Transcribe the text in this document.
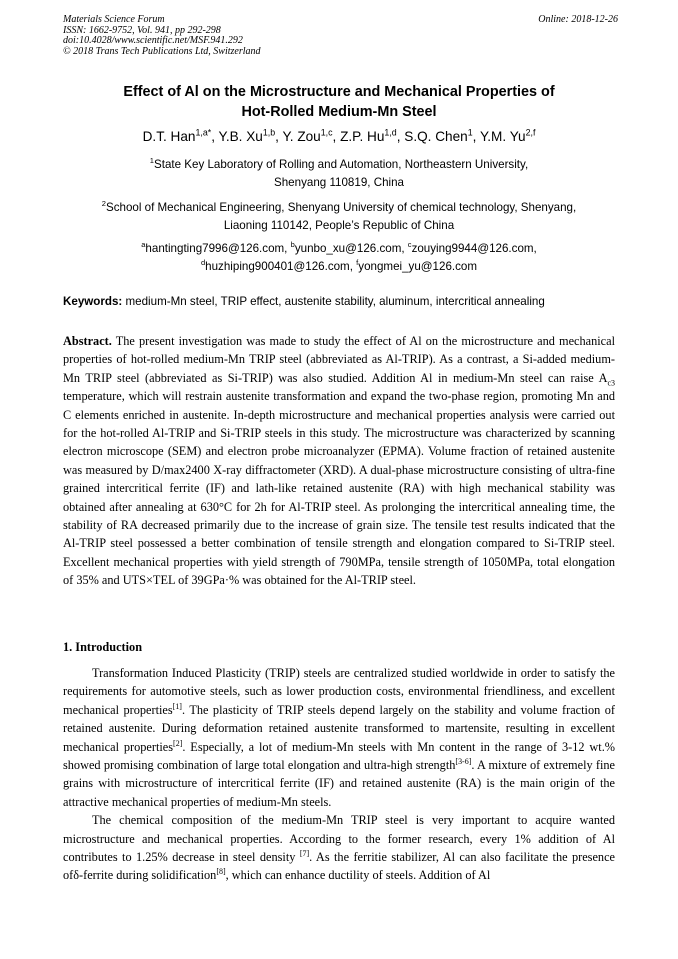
Materials Science Forum
ISSN: 1662-9752, Vol. 941, pp 292-298
doi:10.4028/www.scientific.net/MSF.941.292
© 2018 Trans Tech Publications Ltd, Switzerland
Online: 2018-12-26
Effect of Al on the Microstructure and Mechanical Properties of
Hot-Rolled Medium-Mn Steel
D.T. Han$^{1,a*}$, Y.B. Xu$^{1,b}$, Y. Zou$^{1,c}$, Z.P. Hu$^{1,d}$, S.Q. Chen$^1$, Y.M. Yu$^{2,f}$
$^1$State Key Laboratory of Rolling and Automation, Northeastern University,
Shenyang 110819, China
$^2$School of Mechanical Engineering, Shenyang University of chemical technology, Shenyang,
Liaoning 110142, People’s Republic of China
$^a$hantingting7996@126.com, $^b$yunbo_xu@126.com, $^c$zouying9944@126.com,
$^d$huzhiping900401@126.com, $^f$yongmei_yu@126.com
Keywords: medium-Mn steel, TRIP effect, austenite stability, aluminum, intercritical annealing
Abstract. The present investigation was made to study the effect of Al on the microstructure and mechanical properties of hot-rolled medium-Mn TRIP steel (abbreviated as Al-TRIP). As a contrast, a Si-added medium-Mn TRIP steel (abbreviated as Si-TRIP) was also studied. Addition Al in medium-Mn steel can raise $A_{c3}$ temperature, which will restrain austenite transformation and expand the two-phase region, promoting Mn and C elements enriched in austenite. In-depth microstructure and mechanical properties analysis were carried out for the hot-rolled Al-TRIP and Si-TRIP steels in this study. The microstructure was characterized by scanning electron microscope (SEM) and electron probe microanalyzer (EPMA). Volume fraction of retained austenite was measured by D/max2400 X-ray diffractometer (XRD). A dual-phase microstructure consisting of ultra-fine grained intercritical ferrite (IF) and lath-like retained austenite (RA) with high mechanical stability was obtained after annealing at 630°C for 2h for Al-TRIP steel. As prolonging the intercritical annealing time, the stability of RA decreased primarily due to the increase of grain size. The tensile test results indicated that the Al-TRIP steel possessed a better combination of tensile strength and elongation compared to Si-TRIP steel. Excellent mechanical properties with yield strength of 790MPa, tensile strength of 1050MPa, total elongation of 35% and UTS×TEL of 39GPa·% was obtained for the Al-TRIP steel.
1. Introduction

Transformation Induced Plasticity (TRIP) steels are centralized studied worldwide in order to satisfy the requirements for automotive steels, such as lower production costs, environmental friendliness, and excellent mechanical properties[1]. The plasticity of TRIP steels depend largely on the stability and volume fraction of retained austenite. During deformation retained austenite transformed to martensite, resulting in excellent mechanical properties[2]. Especially, a lot of medium-Mn steels with Mn content in the range of 3-12 wt.% showed promising combination of large total elongation and ultra-high strength[3-6]. A mixture of extremely fine grains with microstructure of intercritical ferrite (IF) and retained austenite (RA) is the main origin of the attractive mechanical properties of medium-Mn steels.

The chemical composition of the medium-Mn TRIP steel is very important to acquire wanted microstructure and mechanical properties. According to the former research, every 1% addition of Al contributes to 1.25% decrease in steel density [7]. As the ferritie stabilizer, Al can also facilitate the presence ofδ-ferrite during solidification[8], which can enhance ductility of steels. Addition of Al
